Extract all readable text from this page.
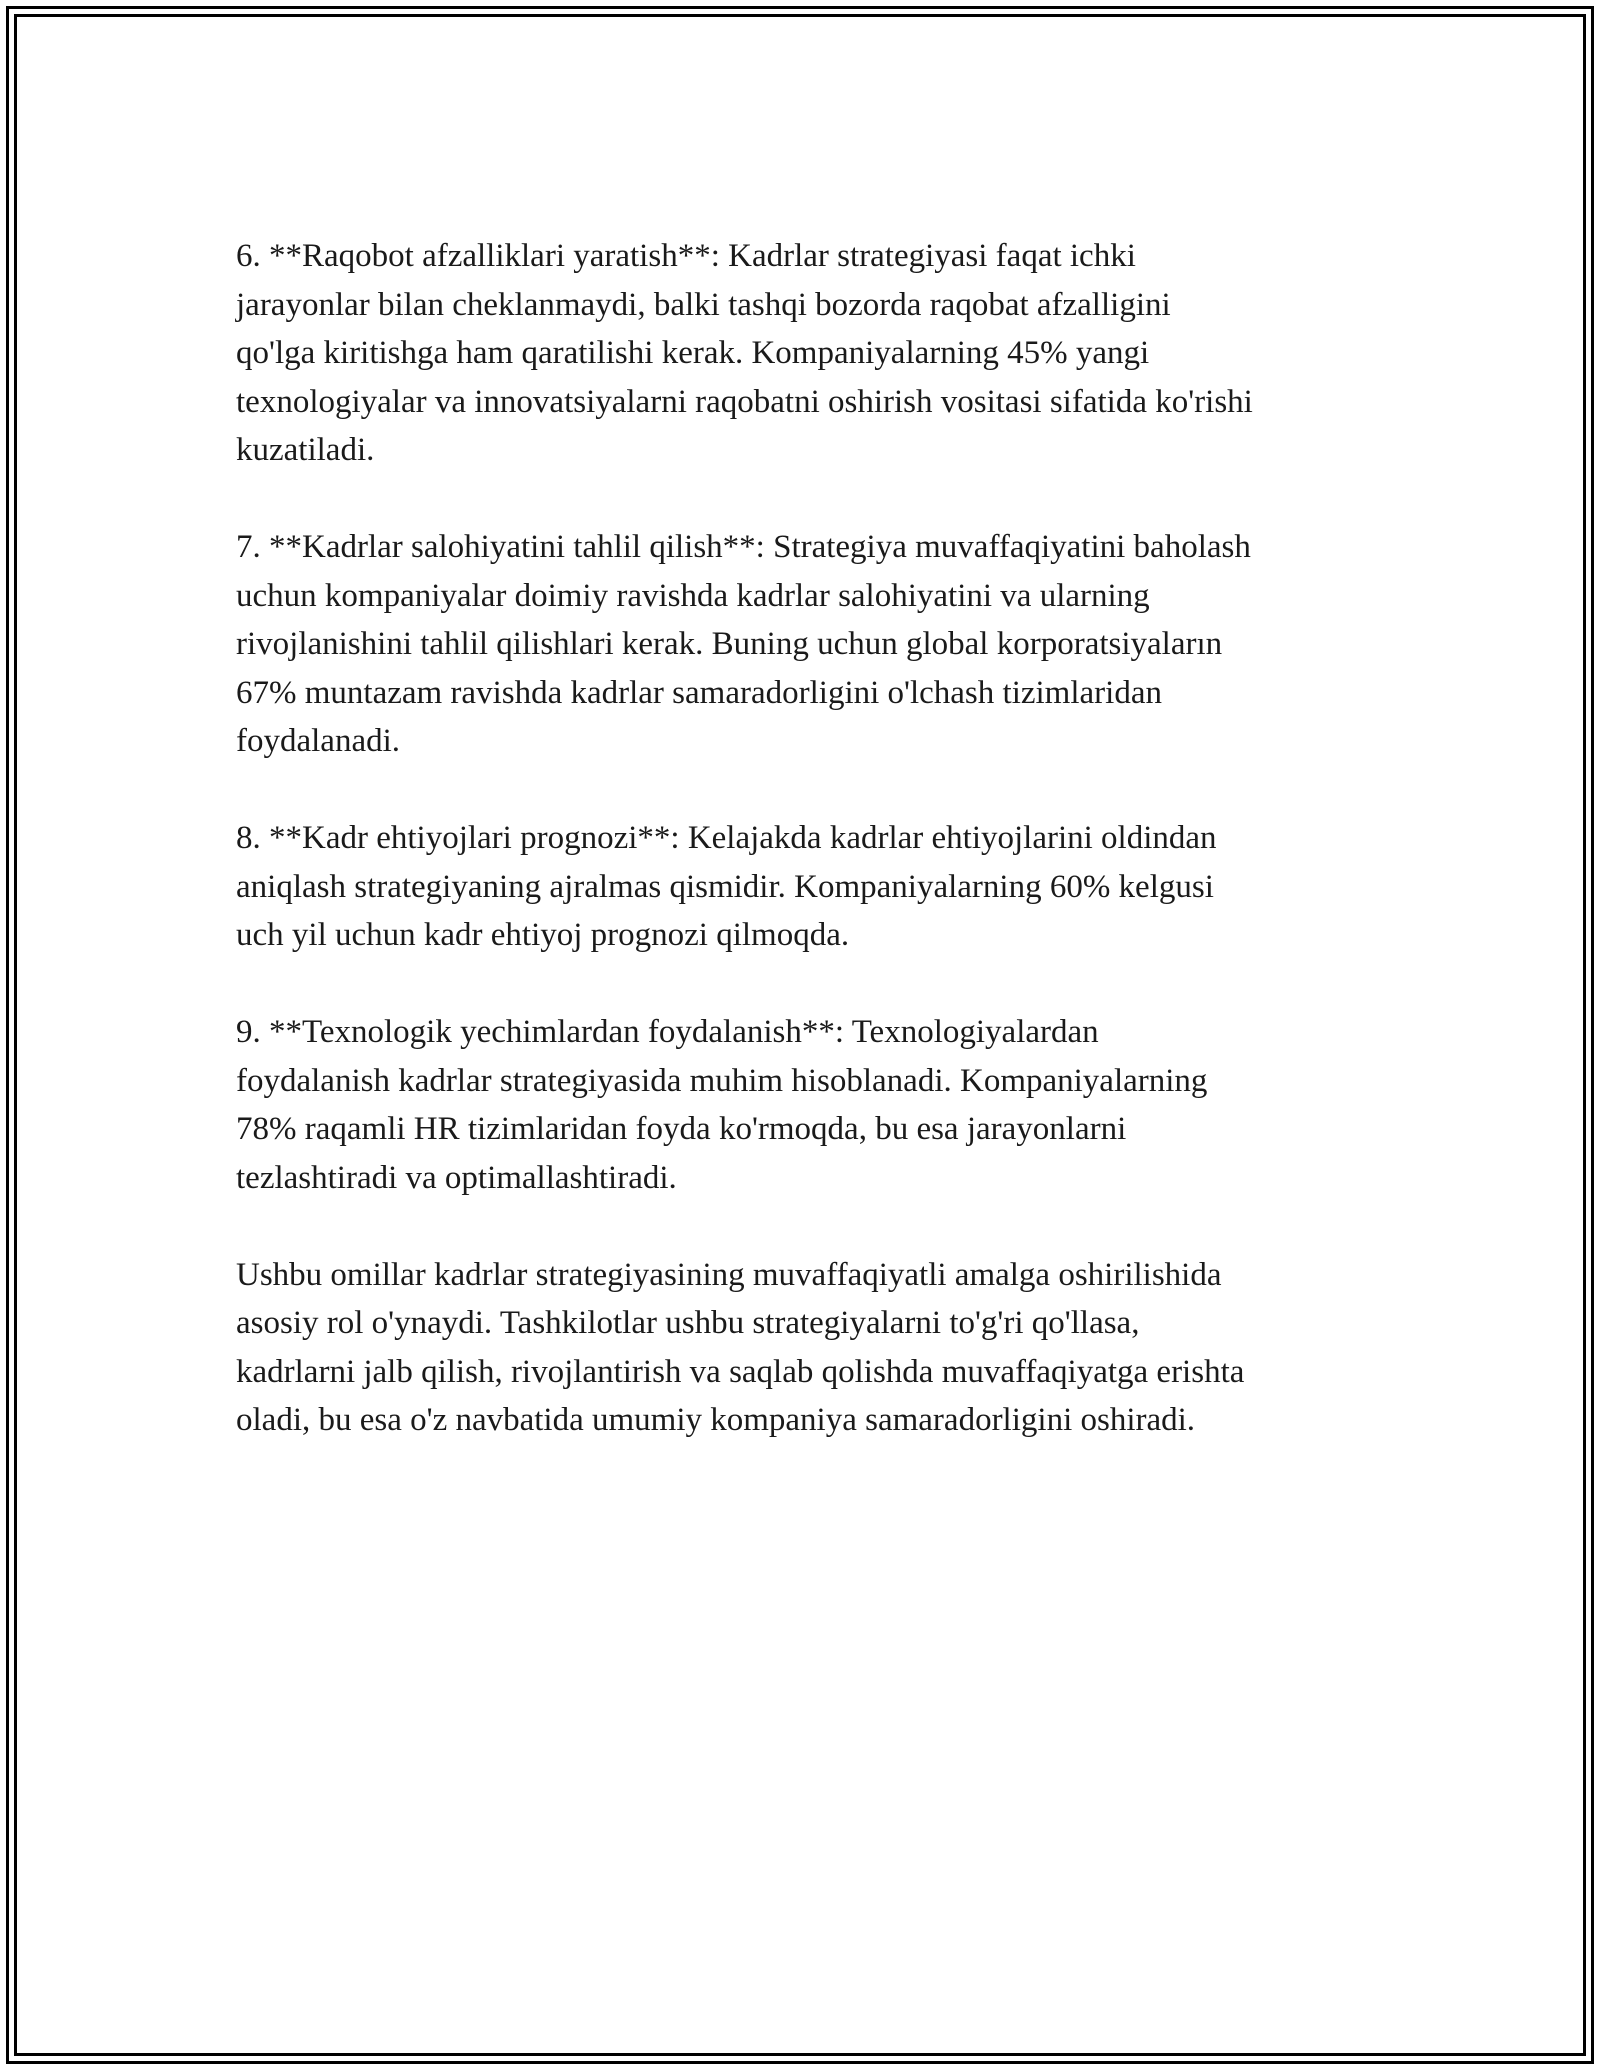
6. **Raqobot afzalliklari yaratish**: Kadrlar strategiyasi faqat ichki
jarayonlar bilan cheklanmaydi, balki tashqi bozorda raqobat afzalligini
qo'lga kiritishga ham qaratilishi kerak. Kompaniyalarning 45% yangi
texnologiyalar va innovatsiyalarni raqobatni oshirish vositasi sifatida ko'rishi
kuzatiladi.

7. **Kadrlar salohiyatini tahlil qilish**: Strategiya muvaffaqiyatini baholash
uchun kompaniyalar doimiy ravishda kadrlar salohiyatini va ularning
rivojlanishini tahlil qilishlari kerak. Buning uchun global korporatsiyaların
67% muntazam ravishda kadrlar samaradorligini o'lchash tizimlaridan
foydalanadi.

8. **Kadr ehtiyojlari prognozi**: Kelajakda kadrlar ehtiyojlarini oldindan
aniqlash strategiyaning ajralmas qismidir. Kompaniyalarning 60% kelgusi
uch yil uchun kadr ehtiyoj prognozi qilmoqda.

9. **Texnologik yechimlardan foydalanish**: Texnologiyalardan
foydalanish kadrlar strategiyasida muhim hisoblanadi. Kompaniyalarning
78% raqamli HR tizimlaridan foyda ko'rmoqda, bu esa jarayonlarni
tezlashtiradi va optimallashtiradi.

Ushbu omillar kadrlar strategiyasining muvaffaqiyatli amalga oshirilishida
asosiy rol o'ynaydi. Tashkilotlar ushbu strategiyalarni to'g'ri qo'llasa,
kadrlarni jalb qilish, rivojlantirish va saqlab qolishda muvaffaqiyatga erishta
oladi, bu esa o'z navbatida umumiy kompaniya samaradorligini oshiradi.
